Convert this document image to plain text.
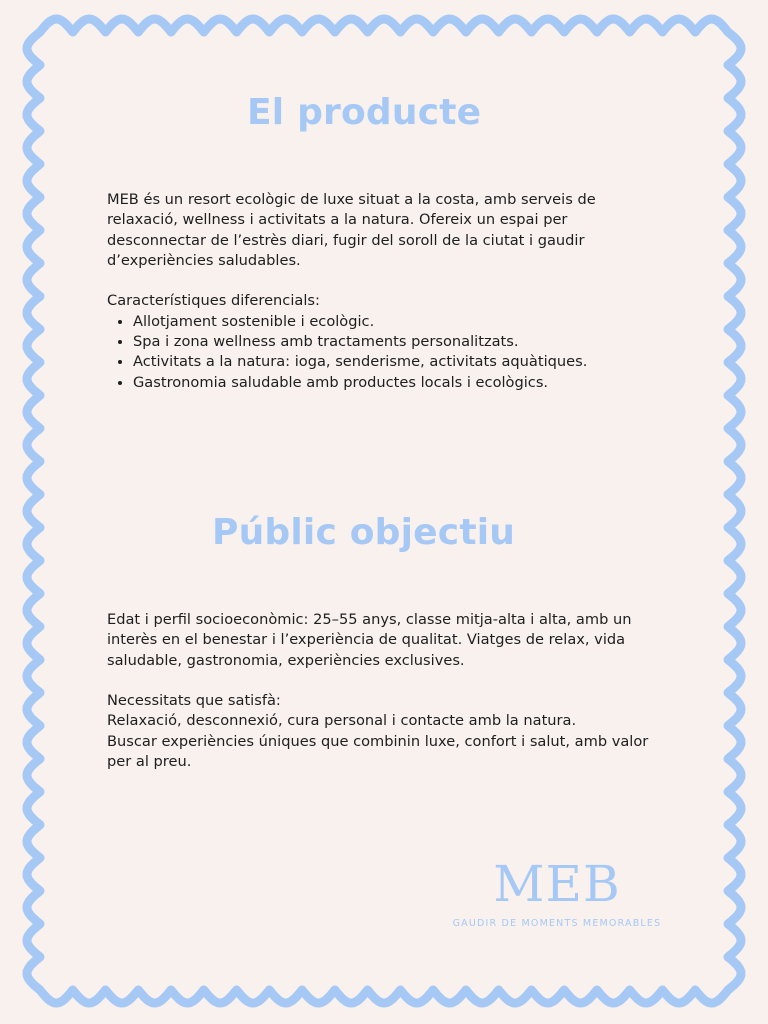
El producte

MEB és un resort ecològic de luxe situat a la costa, amb serveis de relaxació, wellness i activitats a la natura. Ofereix un espai per desconnectar de l’estrès diari, fugir del soroll de la ciutat i gaudir d’experiències saludables.

Característiques diferencials:

• Allotjament sostenible i ecològic.
• Spa i zona wellness amb tractaments personalitzats.
• Activitats a la natura: ioga, senderisme, activitats aquàtiques.
• Gastronomia saludable amb productes locals i ecològics.
Públic objectiu

Edat i perfil socioeconòmic: 25–55 anys, classe mitja-alta i alta, amb un interès en el benestar i l’experiència de qualitat. Viatges de relax, vida saludable, gastronomia, experiències exclusives.

Necessitats que satisfà:

Relaxació, desconnexió, cura personal i contacte amb la natura.

Buscar experiències úniques que combinin luxe, confort i salut, amb valor per al preu.

MEB
GAUDIR DE MOMENTS MEMORABLES
